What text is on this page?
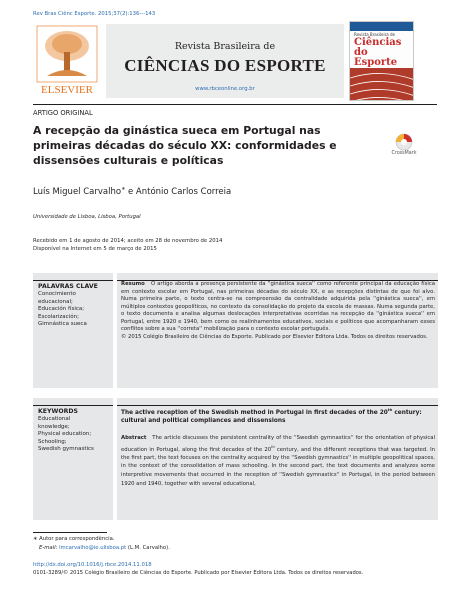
Rev Bras Ciênc Esporte. 2015;37(2):136---143
ELSEVIER
Revista Brasileira de
CIÊNCIAS DO ESPORTE
www.rbceonline.org.br
Revista Brasileira de
Ciências do Esporte
ARTIGO ORIGINAL
A recepção da ginástica sueca em Portugal nas primeiras décadas do século XX: conformidades e dissensões culturais e políticas
CrossMark
Luís Miguel Carvalho∗ e António Carlos Correia
Universidade de Lisboa, Lisboa, Portugal
Recebido em 1 de agosto de 2014; aceito em 28 de novembro de 2014
Disponível na Internet em 5 de março de 2015
PALAVRAS CLAVE
Conocimiento
educacional;
Educación física;
Escolarización;
Gimnástica sueca
Resumo O artigo aborda a presença persistente da ''ginástica sueca'' como referente principal da educação física em contexto escolar em Portugal, nas primeiras décadas do século XX, e as recepções distintas de que foi alvo. Numa primeira parte, o texto centra-se na compreensão da centralidade adquirida pela ''ginástica sueca'', em múltiplos contextos geopolíticos, no contexto da consolidação do projeto da escola de massas. Numa segunda parte, o texto documenta e analisa algumas deslocações interpretativas ocorridas na recepção da ''ginástica sueca'' em Portugal, entre 1920 e 1940, bem como os realinhamentos educativos, sociais e políticos que acompanharam esses conflitos sobre a sua ''correta'' mobilização para o contexto escolar português.
© 2015 Colégio Brasileiro de Ciências do Esporte. Publicado por Elsevier Editora Ltda. Todos os direitos reservados.
KEYWORDS
Educational
knowledge;
Physical education;
Schooling;
Swedish gymnastics
The active reception of the Swedish method in Portugal in first decades of the 20th century: cultural and political compliances and dissensions
Abstract The article discusses the persistent centrality of the ''Swedish gymnastics'' for the orientation of physical education in Portugal, along the first decades of the 20th century, and the different receptions that was targeted. In the first part, the text focuses on the centrality acquired by the ''Swedish gymnastics'' in multiple geopolitical spaces, in the context of the consolidation of mass schooling. In the second part, the text documents and analyzes some interpretive movements that occurred in the reception of ''Swedish gymnastics'' in Portugal, in the period between 1920 and 1940, together with several educational,
∗ Autor para correspondência.
E-mail: lmcarvalho@ie.ulisboa.pt (L.M. Carvalho).
http://dx.doi.org/10.1016/j.rbce.2014.11.018
0101-3289/© 2015 Colégio Brasileiro de Ciências do Esporte. Publicado por Elsevier Editora Ltda. Todos os direitos reservados.
